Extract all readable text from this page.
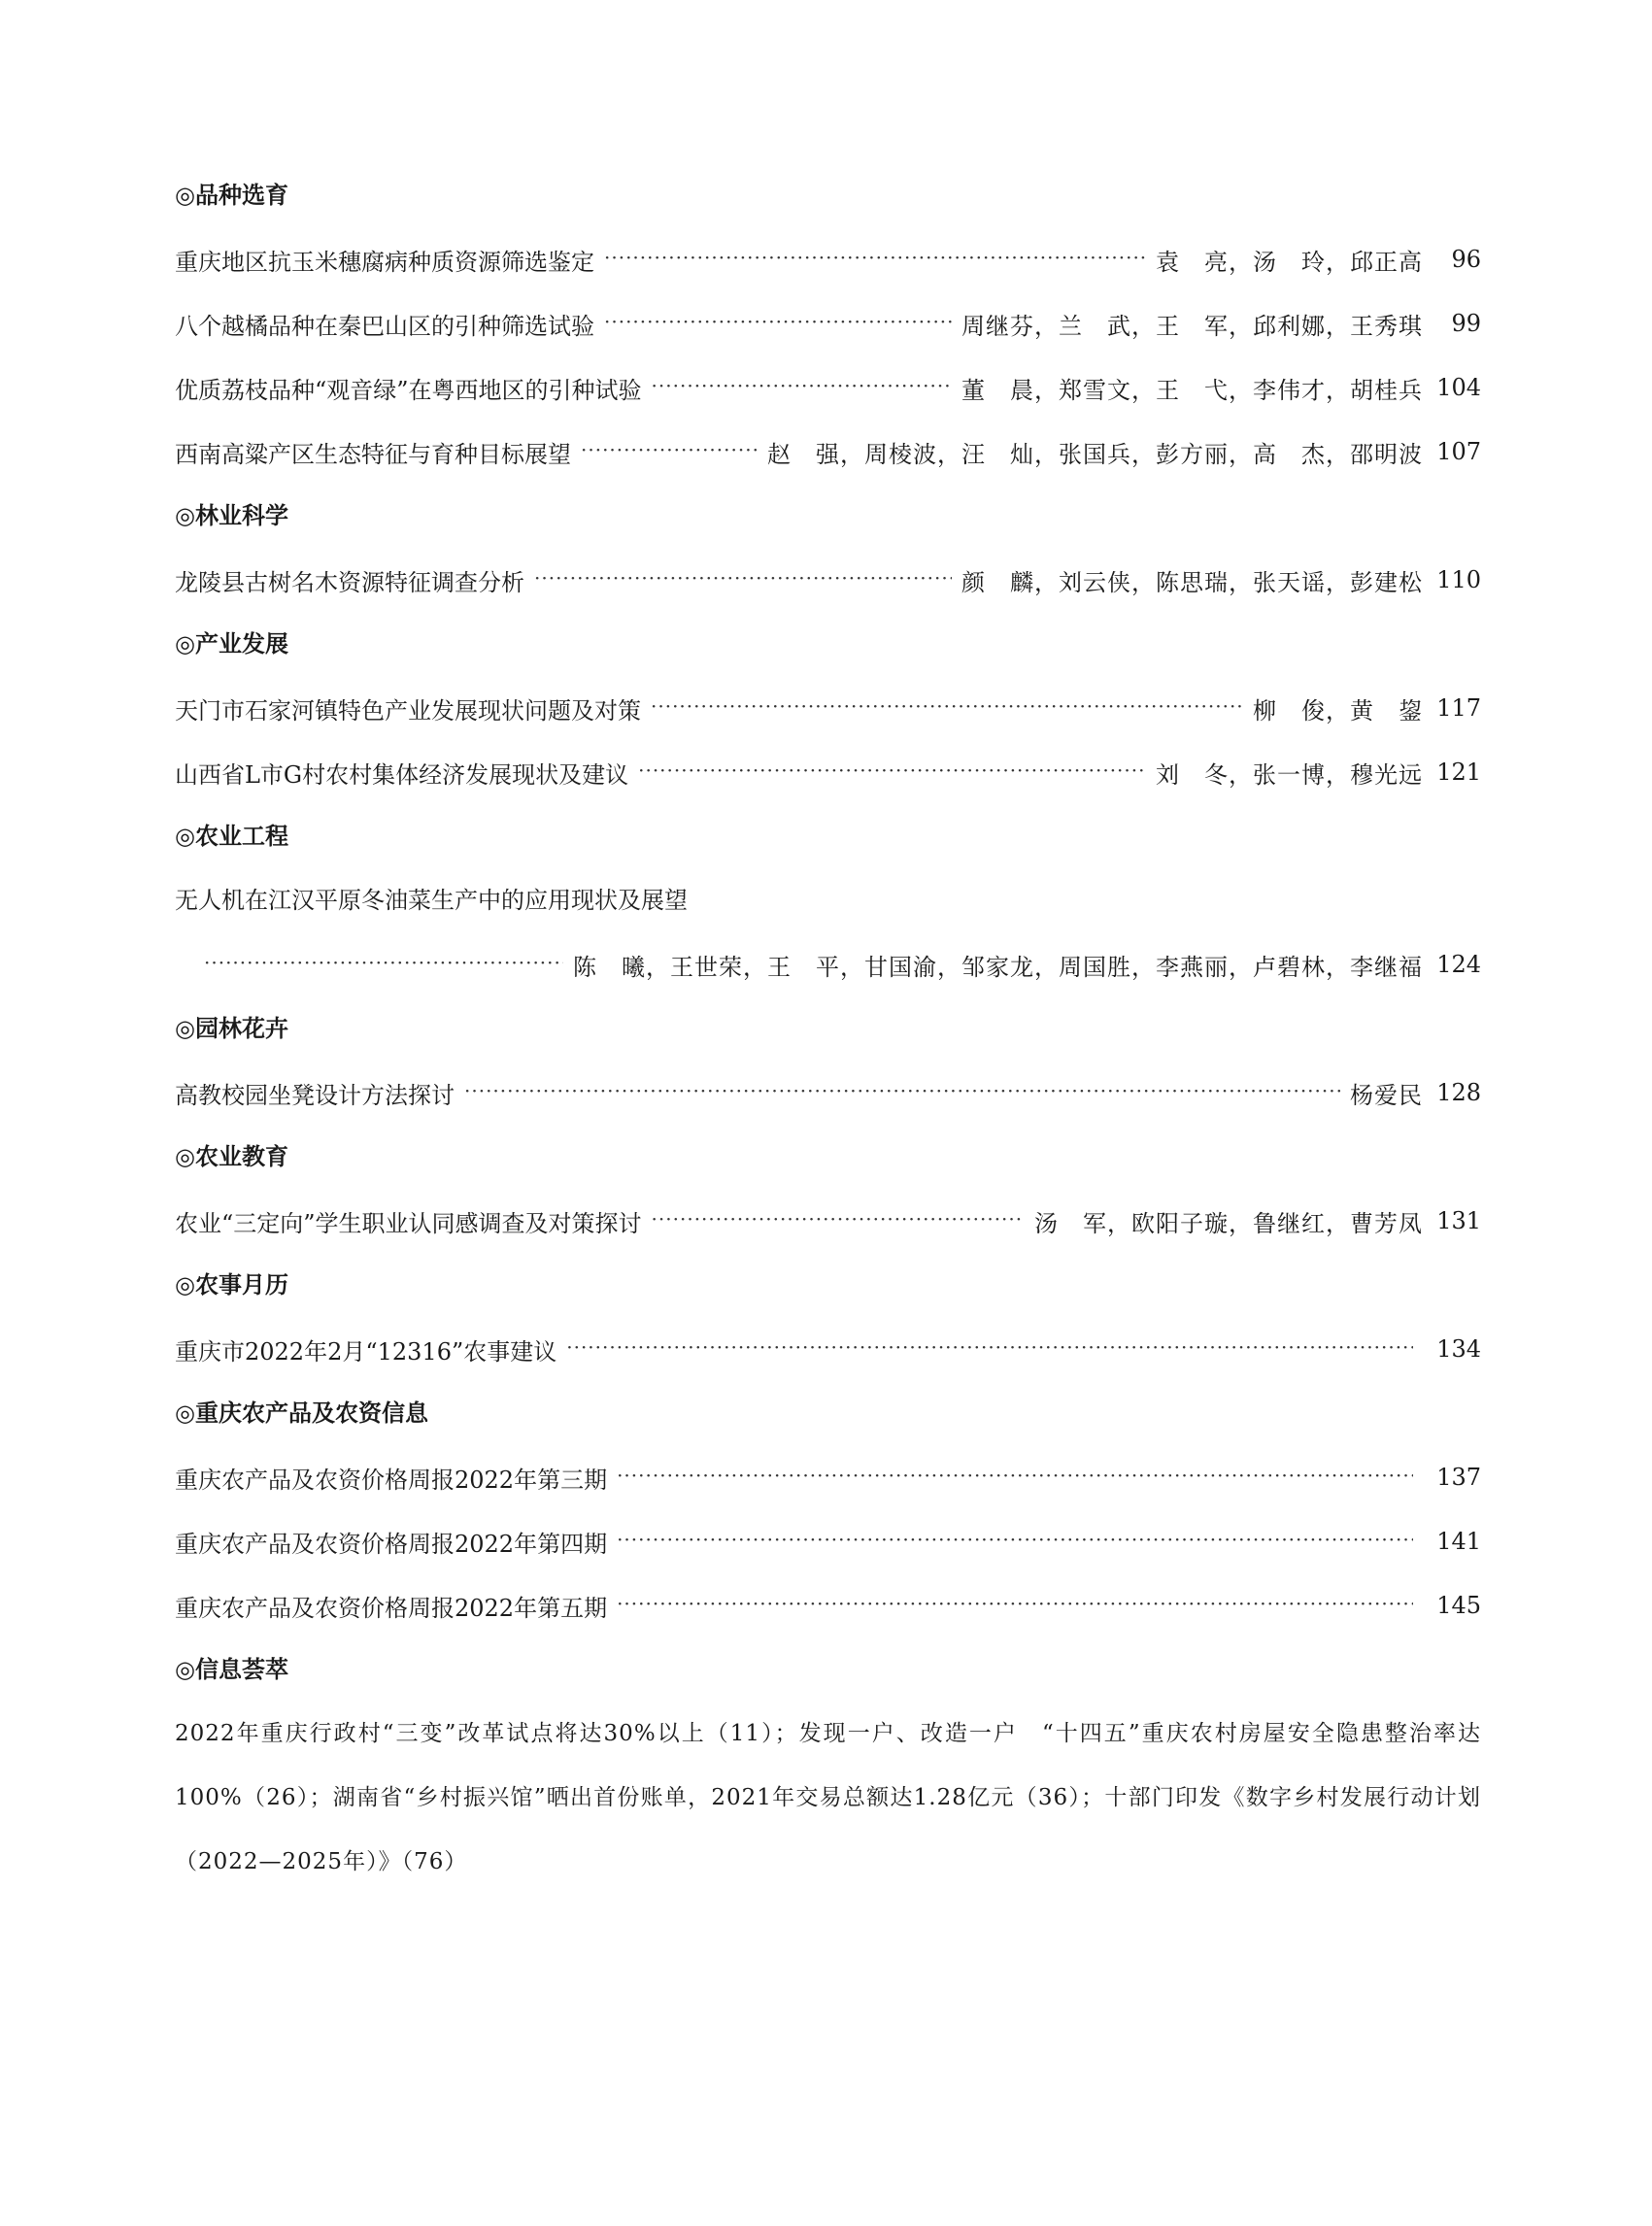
◎品种选育
重庆地区抗玉米穗腐病种质资源筛选鉴定 ·····	袁　亮，汤　玲，邱正高	96
八个越橘品种在秦巴山区的引种筛选试验 ·····	周继芬，兰　武，王　军，邱利娜，王秀琪	99
优质荔枝品种“观音绿”在粤西地区的引种试验 ·····	董　晨，郑雪文，王　弋，李伟才，胡桂兵 104
西南高粱产区生态特征与育种目标展望 ·····	赵　强，周棱波，汪　灿，张国兵，彭方丽，高　杰，邵明波 107
◎林业科学
龙陵县古树名木资源特征调查分析 ·····	颜　麟，刘云侠，陈思瑞，张天谣，彭建松 110
◎产业发展
天门市石家河镇特色产业发展现状问题及对策 ·····	柳　俊，黄　鋆 117
山西省L市G村农村集体经济发展现状及建议 ·····	刘　冬，张一博，穆光远 121
◎农业工程
无人机在江汉平原冬油菜生产中的应用现状及展望
·····
陈　曦，王世荣，王　平，甘国渝，邹家龙，周国胜，李燕丽，卢碧林，李继福 124
◎园林花卉
高教校园坐凳设计方法探讨 ·····	杨爱民 128
◎农业教育
农业“三定向”学生职业认同感调查及对策探讨 ·····	汤　军，欧阳子璇，鲁继红，曹芳凤 131
◎农事月历
重庆市2022年2月“12316”农事建议 ·····	134
◎重庆农产品及农资信息
重庆农产品及农资价格周报2022年第三期 ·····	137
重庆农产品及农资价格周报2022年第四期 ·····	141
重庆农产品及农资价格周报2022年第五期 ·····	145
◎信息荟萃
2022年重庆行政村“三变”改革试点将达30%以上（11）；发现一户、改造一户　“十四五”重庆农村房屋安全隐患整治率达100%（26）；湖南省“乡村振兴馆”晒出首份账单，2021年交易总额达1.28亿元（36）；十部门印发《数字乡村发展行动计划（2022—2025年）》（76）
